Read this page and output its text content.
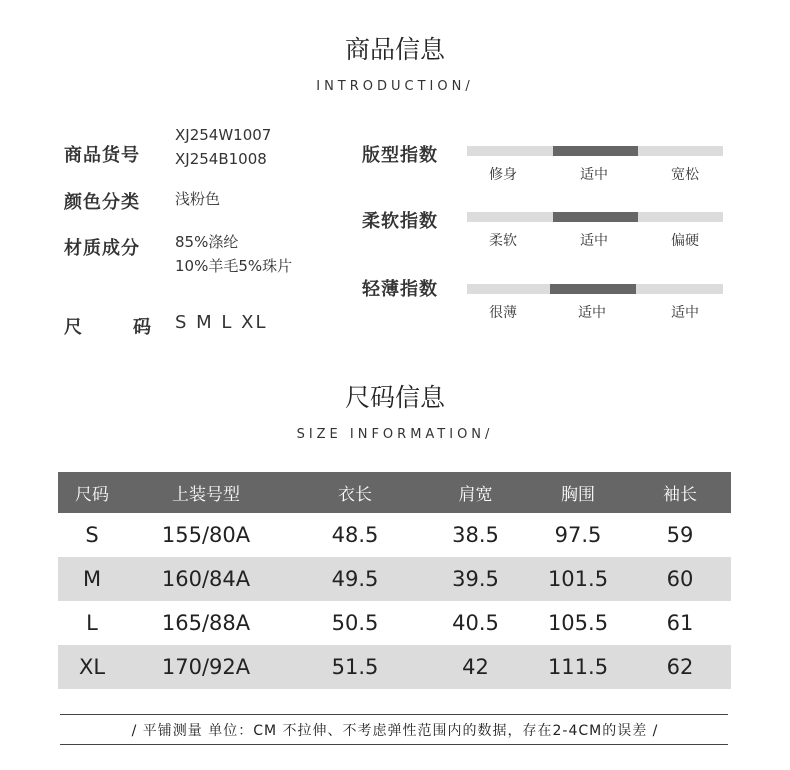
商品信息
INTRODUCTION/
商品货号
XJ254W1007
XJ254B1008
颜色分类 浅粉色
材质成分 85%涤纶
10%羊毛5%珠片
尺	码 S M L XL
版型指数
修身	适中	宽松
柔软指数
柔软	适中	偏硬
轻薄指数
很薄	适中	适中
尺码信息
SIZE INFORMATION/
尺码	上装号型	衣长	肩宽	胸围	袖长
S	155/80A	48.5	38.5	97.5	59
M	160/84A	49.5	39.5	101.5	60
L	165/88A	50.5	40.5	105.5	61
XL	170/92A	51.5	42	111.5	62
/ 平铺测量 单位：CM 不拉伸、不考虑弹性范围内的数据，存在2-4CM的误差 /
